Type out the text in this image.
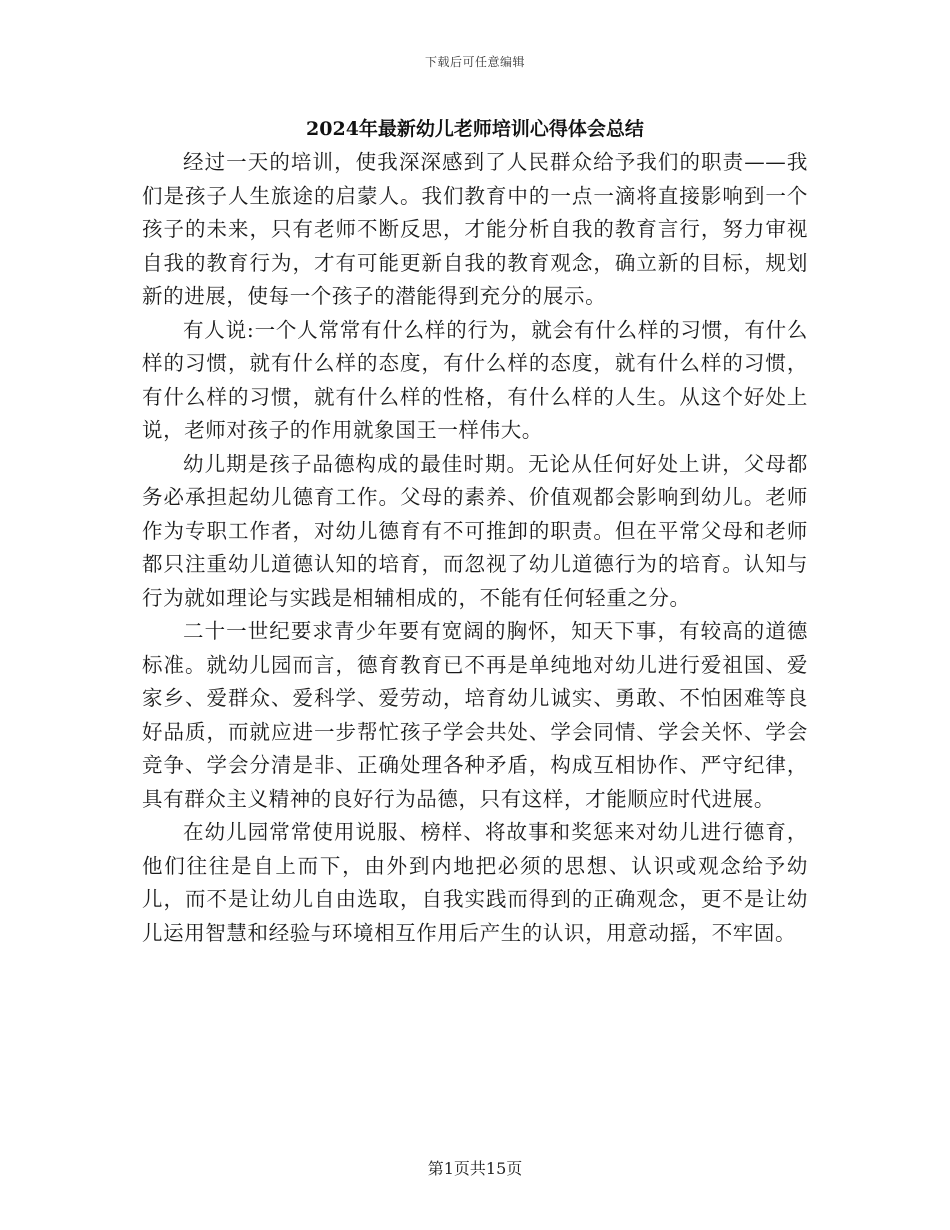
下载后可任意编辑
2024年最新幼儿老师培训心得体会总结

经过一天的培训，使我深深感到了人民群众给予我们的职责——我们是孩子人生旅途的启蒙人。我们教育中的一点一滴将直接影响到一个孩子的未来，只有老师不断反思，才能分析自我的教育言行，努力审视自我的教育行为，才有可能更新自我的教育观念，确立新的目标，规划新的进展，使每一个孩子的潜能得到充分的展示。

有人说:一个人常常有什么样的行为，就会有什么样的习惯，有什么样的习惯，就有什么样的态度，有什么样的态度，就有什么样的习惯，有什么样的习惯，就有什么样的性格，有什么样的人生。从这个好处上说，老师对孩子的作用就象国王一样伟大。

幼儿期是孩子品德构成的最佳时期。无论从任何好处上讲，父母都务必承担起幼儿德育工作。父母的素养、价值观都会影响到幼儿。老师作为专职工作者，对幼儿德育有不可推卸的职责。但在平常父母和老师都只注重幼儿道德认知的培育，而忽视了幼儿道德行为的培育。认知与行为就如理论与实践是相辅相成的，不能有任何轻重之分。

二十一世纪要求青少年要有宽阔的胸怀，知天下事，有较高的道德标准。就幼儿园而言，德育教育已不再是单纯地对幼儿进行爱祖国、爱家乡、爱群众、爱科学、爱劳动，培育幼儿诚实、勇敢、不怕困难等良好品质，而就应进一步帮忙孩子学会共处、学会同情、学会关怀、学会竞争、学会分清是非、正确处理各种矛盾，构成互相协作、严守纪律，具有群众主义精神的良好行为品德，只有这样，才能顺应时代进展。

在幼儿园常常使用说服、榜样、将故事和奖惩来对幼儿进行德育，他们往往是自上而下，由外到内地把必须的思想、认识或观念给予幼儿，而不是让幼儿自由选取，自我实践而得到的正确观念，更不是让幼儿运用智慧和经验与环境相互作用后产生的认识，用意动摇，不牢固。

第1页共15页
